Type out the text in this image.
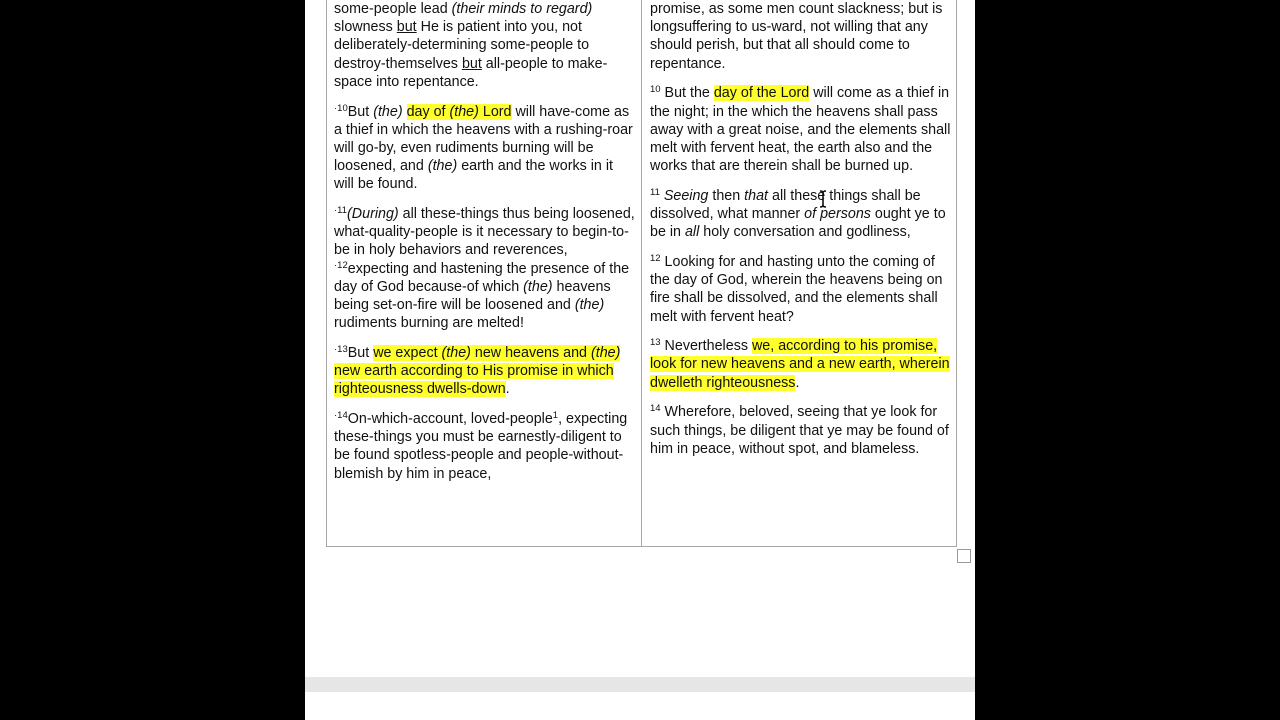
some-people lead (their minds to regard)
slowness but He is patient into you, not deliberately-determining some-people to destroy-themselves but all-people to make-space into repentance.

$^{\cdot 10}$But (the) day of (the) Lord will have-come as a thief in which the heavens with a rushing-roar will go-by, even rudiments burning will be loosened, and (the) earth and the works in it will be found.

$^{\cdot 11}$(During) all these-things thus being loosened, what-quality-people is it necessary to begin-to-be in holy behaviors and reverences,

$^{\cdot 12}$expecting and hastening the presence of the day of God because-of which (the) heavens being set-on-fire will be loosened and (the) rudiments burning are melted!

$^{\cdot 13}$But we expect (the) new heavens and (the) new earth according to His promise in which righteousness dwells-down.

$^{\cdot 14}$On-which-account, loved-people$^1$, expecting these-things you must be earnestly-diligent to be found spotless-people and people-without-blemish by him in peace,

promise, as some men count slackness; but is longsuffering to us-ward, not willing that any should perish, but that all should come to repentance.

$^{10}$ But the day of the Lord will come as a thief in the night; in the which the heavens shall pass away with a great noise, and the elements shall melt with fervent heat, the earth also and the works that are therein shall be burned up.

$^{11}$ Seeing then that all these things shall be dissolved, what manner of persons ought ye to be in all holy conversation and godliness,

$^{12}$ Looking for and hasting unto the coming of the day of God, wherein the heavens being on fire shall be dissolved, and the elements shall melt with fervent heat?

$^{13}$ Nevertheless we, according to his promise, look for new heavens and a new earth, wherein dwelleth righteousness.

$^{14}$ Wherefore, beloved, seeing that ye look for such things, be diligent that ye may be found of him in peace, without spot, and blameless.
